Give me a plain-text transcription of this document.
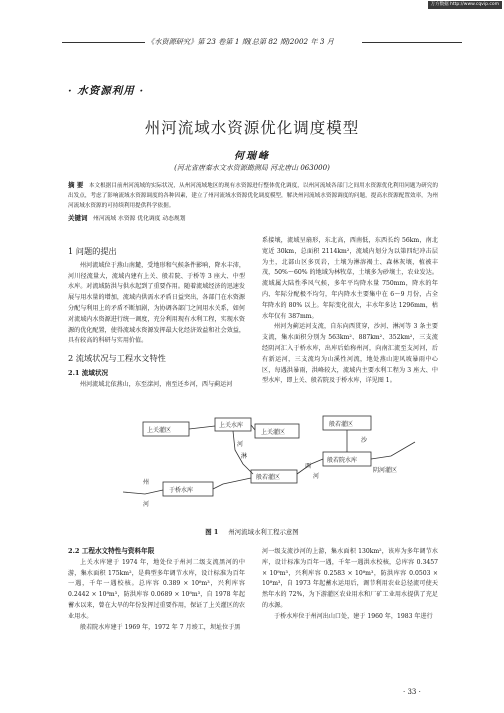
万方数据 http://www.cqvip.com
《水资源研究》第 23 卷第 1 期(总第 82 期)2002 年 3 月
· 水资源利用 ·
州河流域水资源优化调度模型
何瑞峰
(河北省唐秦水文水资源勘测局 河北唐山 063000)
摘 要 本文根据目前州河流域的实际状况，从州河流域地区的现有水资源进行整体优化调度，以州河流域各部门之间用水资源优化利用问题为研究的出发点，考虑了影响流域水资源调度的各种因素，建立了州河流域水资源优化调度模型，解决州河流域水资源调度的问题，提高水资源配置效率，为州河流域水资源的可持续利用提供科学依据。
关键词 州河流域 水资源 优化调度 动态规划
1 问题的提出

州河流域位于燕山南麓，受地形和气候条件影响，降水丰沛，河川径流量大，流域内建有上关、般若院、于桥等 3 座大、中型水库。对流域防洪与供水起到了重要作用。随着流域经济的迅速发展与用水量的增加，流域内供需水矛盾日益突出，各部门在水资源分配与利用上的矛盾不断加剧，为协调各部门之间用水关系，如何对流域内水资源进行统一调度，充分利用现有水利工程，实现水资源的优化配置，使得流域水资源发挥最大化经济效益和社会效益，具有较高的科研与实用价值。

2 流域状况与工程水文特性
2.1 流域状况

州河流域北依燕山，东至滦河，南至还乡河，西与蓟运河

系接壤，流域呈扇形，东北高，西南低，东西长约 56km，南北宽近 30km，总面积 2114km²，流域内划分为以第四纪冲击层为主，北部山区多页岩，土壤为淋溶褐土、森林灰壤，植被丰茂，50%～60% 的地域为林牧草，土壤多为砂壤土，农业发达。流域属大陆性季风气候，多年平均降水量 750mm，降水的年内、年际分配极不均匀，年内降水主要集中在 6～9 月份，占全年降水的 80% 以上。年际变化很大，丰水年多达 1296mm，枯水年仅有 387mm。

州河为蓟运河支流，自东向西贯穿，沙河、淋河等 3 条主要支流，集水面积分别为 563km²、887km²、352km²，三支流经阴河汇入于桥水库，出库后始称州河，向南汇流至支河河，后有新运河，三支流均为山溪性河流，地处燕山迎风坡暴雨中心区，每遇洪暴雨，洪峰较大，流域内主要水利工程为 3 座大、中型水库，即上关、般若院及于桥水库，详见图 1。

上关灌区
上关水库
上关灌区
般若灌区
般若院水库
沙
河
淋
般若灌区
西
河
于桥水库
阴河灌区
州
河
图 1 州河流域水利工程示意图
2.2 工程水文特性与资料年限

上关水库建于 1974 年，地处位于州河二级支流黑河的中游，集水面积 175km²，是典型多年调节水库，设计标准为百年一遇，千年一遇校核。总库容 0.389 × 10⁸m³，兴利库容 0.2442 × 10⁸m³，防洪库容 0.0689 × 10⁸m³，自 1978 年起蓄水以来，曾在大旱的年份发挥过重要作用，保证了上关灌区的农业用水。

般若院水库建于 1969 年，1972 年 7 月竣工，坝址位于黑

河一级支流沙河的上游，集水面积 130km²，该库为多年调节水库，设计标准为百年一遇，千年一遇洪水校核，总库容 0.3457 × 10⁸m³，兴利库容 0.2583 × 10⁸m³，防洪库容 0.0503 × 10⁸m³，自 1973 年起蓄水运用后，调节利用农业总径流可使天然年水的 72%，为下游灌区农业用水和厂矿工业用水提供了充足的水源。

于桥水库位于州河出山口处，建于 1960 年，1983 年进行

· 33 ·
